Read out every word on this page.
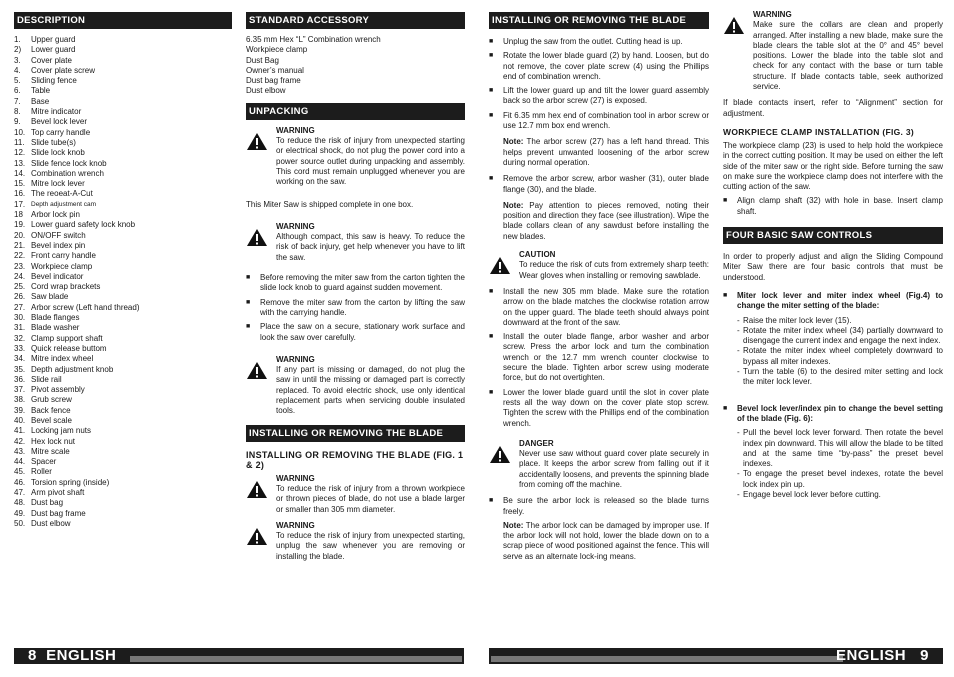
DESCRIPTION
1.	Upper guard
2)	Lower guard
3.	Cover plate
4.	Cover plate screw
5.	Sliding fence
6.	Table
7.	Base
8.	Mitre indicator
9.	Bevel lock lever
10. Top carry handle
11. Slide tube(s)
12. Slide lock knob
13. Slide fence lock knob
14. Combination wrench
15. Mitre lock lever
16. The reoeat-A-Cut
17. Depth adjustment cam
18	Arbor lock pin
19. Lower guard safety lock knob
20. ON/OFF switch
21. Bevel index pin
22. Front carry handle
23. Workpiece clamp
24. Bevel indicator
25. Cord wrap brackets
26. Saw blade
27. Arbor screw (Left hand thread)
30. Blade flanges
31. Blade washer
32. Clamp support shaft
33. Quick release buttom
34. Mitre index wheel
35. Depth adjustment knob
36. Slide rail
37. Pivot assembly
38. Grub screw
39. Back fence
40. Bevel scale
41. Locking jam nuts
42. Hex lock nut
43. Mitre scale
44. Spacer
45. Roller
46. Torsion spring (inside)
47. Arm pivot shaft
48. Dust bag
49. Dust bag frame
50. Dust elbow
STANDARD ACCESSORY
6.35 mm Hex “L” Combination wrench
Workpiece clamp
Dust Bag
Owner’s manual
Dust bag frame
Dust elbow
UNPACKING
WARNING
To reduce the risk of injury from unexpected starting or electrical shock, do not plug the power cord into a power source outlet during unpacking and assembly. This cord must remain unplugged whenever you are working on the saw.

This Miter Saw is shipped complete in one box.

WARNING
Although compact, this saw is heavy. To reduce the risk of back injury, get help whenever you have to lift the saw.
■	Before removing the miter saw from the carton tighten the slide lock knob to guard against sudden movement.
■	Remove the miter saw from the carton by lifting the saw with the carrying handle.
■	Place the saw on a secure, stationary work surface and look the saw over carefully.
WARNING
If any part is missing or damaged, do not plug the saw in until the missing or damaged part is correctly replaced. To avoid electric shock, use only identical replacement parts when servicing double insulated tools.
INSTALLING OR REMOVING THE BLADE
INSTALLING OR REMOVING THE BLADE (FIG. 1 & 2)
WARNING
To reduce the risk of injury from a thrown workpiece or thrown pieces of blade, do not use a blade larger or smaller than 305 mm diameter.
WARNING
To reduce the risk of injury from unexpected starting, unplug the saw whenever you are removing or installing the blade.
INSTALLING OR REMOVING THE BLADE
■	Unplug the saw from the outlet. Cutting head is up.
■	Rotate the lower blade guard (2) by hand. Loosen, but do not remove, the cover plate screw (4) using the Phillips end of combination wrench.
■	Lift the lower guard up and tilt the lower guard assembly back so the arbor screw (27) is exposed.
■	Fit 6.35 mm hex end of combination tool in arbor screw or use 12.7 mm box end wrench.
Note: The arbor screw (27) has a left hand thread. This helps prevent unwanted loosening of the arbor screw during normal operation.
■	Remove the arbor screw, arbor washer (31), outer blade flange (30), and the blade.
Note: Pay attention to pieces removed, noting their position and direction they face (see illustration). Wipe the blade collars clean of any sawdust before installing the new blades.
CAUTION
To reduce the risk of cuts from extremely sharp teeth: Wear gloves when installing or removing sawblade.
■	Install the new 305 mm blade. Make sure the rotation arrow on the blade matches the clockwise rotation arrow on the upper guard. The blade teeth should always point downward at the front of the saw.
■	Install the outer blade flange, arbor washer and arbor screw. Press the arbor lock and turn the combination wrench or the 12.7 mm wrench counter clockwise to secure the blade. Tighten arbor screw using moderate force, but do not overtighten.
■	Lower the lower blade guard until the slot in cover plate rests all the way down on the cover plate stop screw. Tighten the screw with the Phillips end of the combination wrench.
DANGER
Never use saw without guard cover plate securely in place. It keeps the arbor screw from falling out if it accidentally loosens, and prevents the spinning blade from coming off the machine.
■	Be sure the arbor lock is released so the blade turns freely.
Note: The arbor lock can be damaged by improper use. If the arbor lock will not hold, lower the blade down on to a scrap piece of wood positioned against the fence. This will serve as an alternate lock-ing means.
WARNING
Make sure the collars are clean and properly arranged. After installing a new blade, make sure the blade clears the table slot at the 0° and 45° bevel positions. Lower the blade into the table slot and check for any contact with the base or turn table structure. If blade contacts table, seek authorized service.

If blade contacts insert, refer to “Alignment” section for adjustment.

WORKPIECE CLAMP INSTALLATION (FIG. 3)

The workpiece clamp (23) is used to help hold the workpiece in the correct cutting position. It may be used on either the left side of the miter saw or the right side. Before turning the saw on make sure the workpiece clamp does not interfere with the cutting action of the saw.

■	Align clamp shaft (32) with hole in base. Insert clamp shaft.
FOUR BASIC SAW CONTROLS

In order to properly adjust and align the Sliding Compound Miter Saw there are four basic controls that must be understood.

■	Miter lock lever and miter index wheel (Fig.4) to change the miter setting of the blade:
- Raise the miter lock lever (15).
- Rotate the miter index wheel (34) partially downward to disengage the current index and engage the next index.
- Rotate the miter index wheel completely downward to bypass all miter indexes.
- Turn the table (6) to the desired miter setting and lock the miter lock lever.
■	Bevel lock lever/index pin to change the bevel setting of the blade (Fig. 6):
- Pull the bevel lock lever forward. Then rotate the bevel index pin downward. This will allow the blade to be tilted and at the same time “by-pass” the preset bevel indexes.
- To engage the preset bevel indexes, rotate the bevel lock index pin up.
- Engage bevel lock lever before cutting.
8  ENGLISH	ENGLISH   9
